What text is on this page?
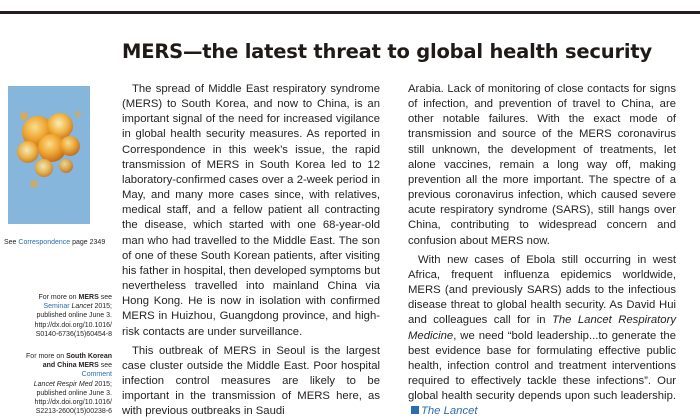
MERS—the latest threat to global health security
See Correspondence page 2349
For more on MERS see
Seminar Lancet 2015; published online June 3. http://dx.doi.org/10.1016/ S0140-6736(15)60454-8
For more on South Korean and China MERS see Comment
Lancet Respir Med 2015; published online June 3. http://dx.doi.org/10.1016/ S2213-2600(15)00238-6

The spread of Middle East respiratory syndrome (MERS) to South Korea, and now to China, is an important signal of the need for increased vigilance in global health security measures. As reported in Correspondence in this week’s issue, the rapid transmission of MERS in South Korea led to 12 laboratory-confirmed cases over a 2-week period in May, and many more cases since, with relatives, medical staff, and a fellow patient all contracting the disease, which started with one 68-year-old man who had travelled to the Middle East. The son of one of these South Korean patients, after visiting his father in hospital, then developed symptoms but nevertheless travelled into mainland China via Hong Kong. He is now in isolation with confirmed MERS in Huizhou, Guangdong province, and high-risk contacts are under surveillance.

This outbreak of MERS in Seoul is the largest case cluster outside the Middle East. Poor hospital infection control measures are likely to be important in the transmission of MERS here, as with previous outbreaks in Saudi

Arabia. Lack of monitoring of close contacts for signs of infection, and prevention of travel to China, are other notable failures. With the exact mode of transmission and source of the MERS coronavirus still unknown, the development of treatments, let alone vaccines, remain a long way off, making prevention all the more important. The spectre of a previous coronavirus infection, which caused severe acute respiratory syndrome (SARS), still hangs over China, contributing to widespread concern and confusion about MERS now.

With new cases of Ebola still occurring in west Africa, frequent influenza epidemics worldwide, MERS (and previously SARS) adds to the infectious disease threat to global health security. As David Hui and colleagues call for in The Lancet Respiratory Medicine, we need “bold leadership...to generate the best evidence base for formulating effective public health, infection control and treatment interventions required to effectively tackle these infections”. Our global health security depends upon such leadership.The Lancet
